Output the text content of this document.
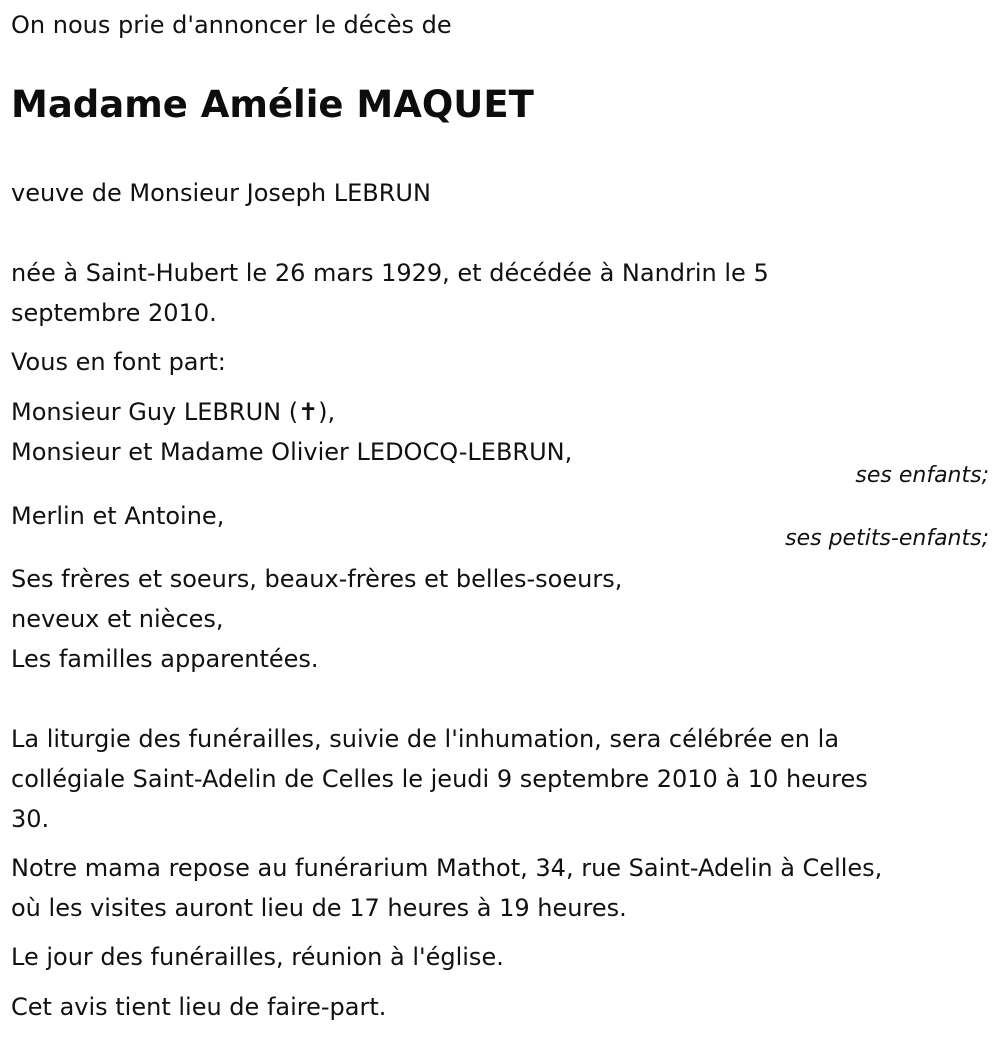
On nous prie d'annoncer le décès de

Madame Amélie MAQUET

veuve de Monsieur Joseph LEBRUN

née à Saint-Hubert le 26 mars 1929, et décédée à Nandrin le 5

septembre 2010.

Vous en font part:

Monsieur Guy LEBRUN (✝),

Monsieur et Madame Olivier LEDOCQ-LEBRUN,

ses enfants;

Merlin et Antoine,

ses petits-enfants;

Ses frères et soeurs, beaux-frères et belles-soeurs,

neveux et nièces,

Les familles apparentées.

La liturgie des funérailles, suivie de l'inhumation, sera célébrée en la

collégiale Saint-Adelin de Celles le jeudi 9 septembre 2010 à 10 heures

30.

Notre mama repose au funérarium Mathot, 34, rue Saint-Adelin à Celles,

où les visites auront lieu de 17 heures à 19 heures.

Le jour des funérailles, réunion à l'église.

Cet avis tient lieu de faire-part.
